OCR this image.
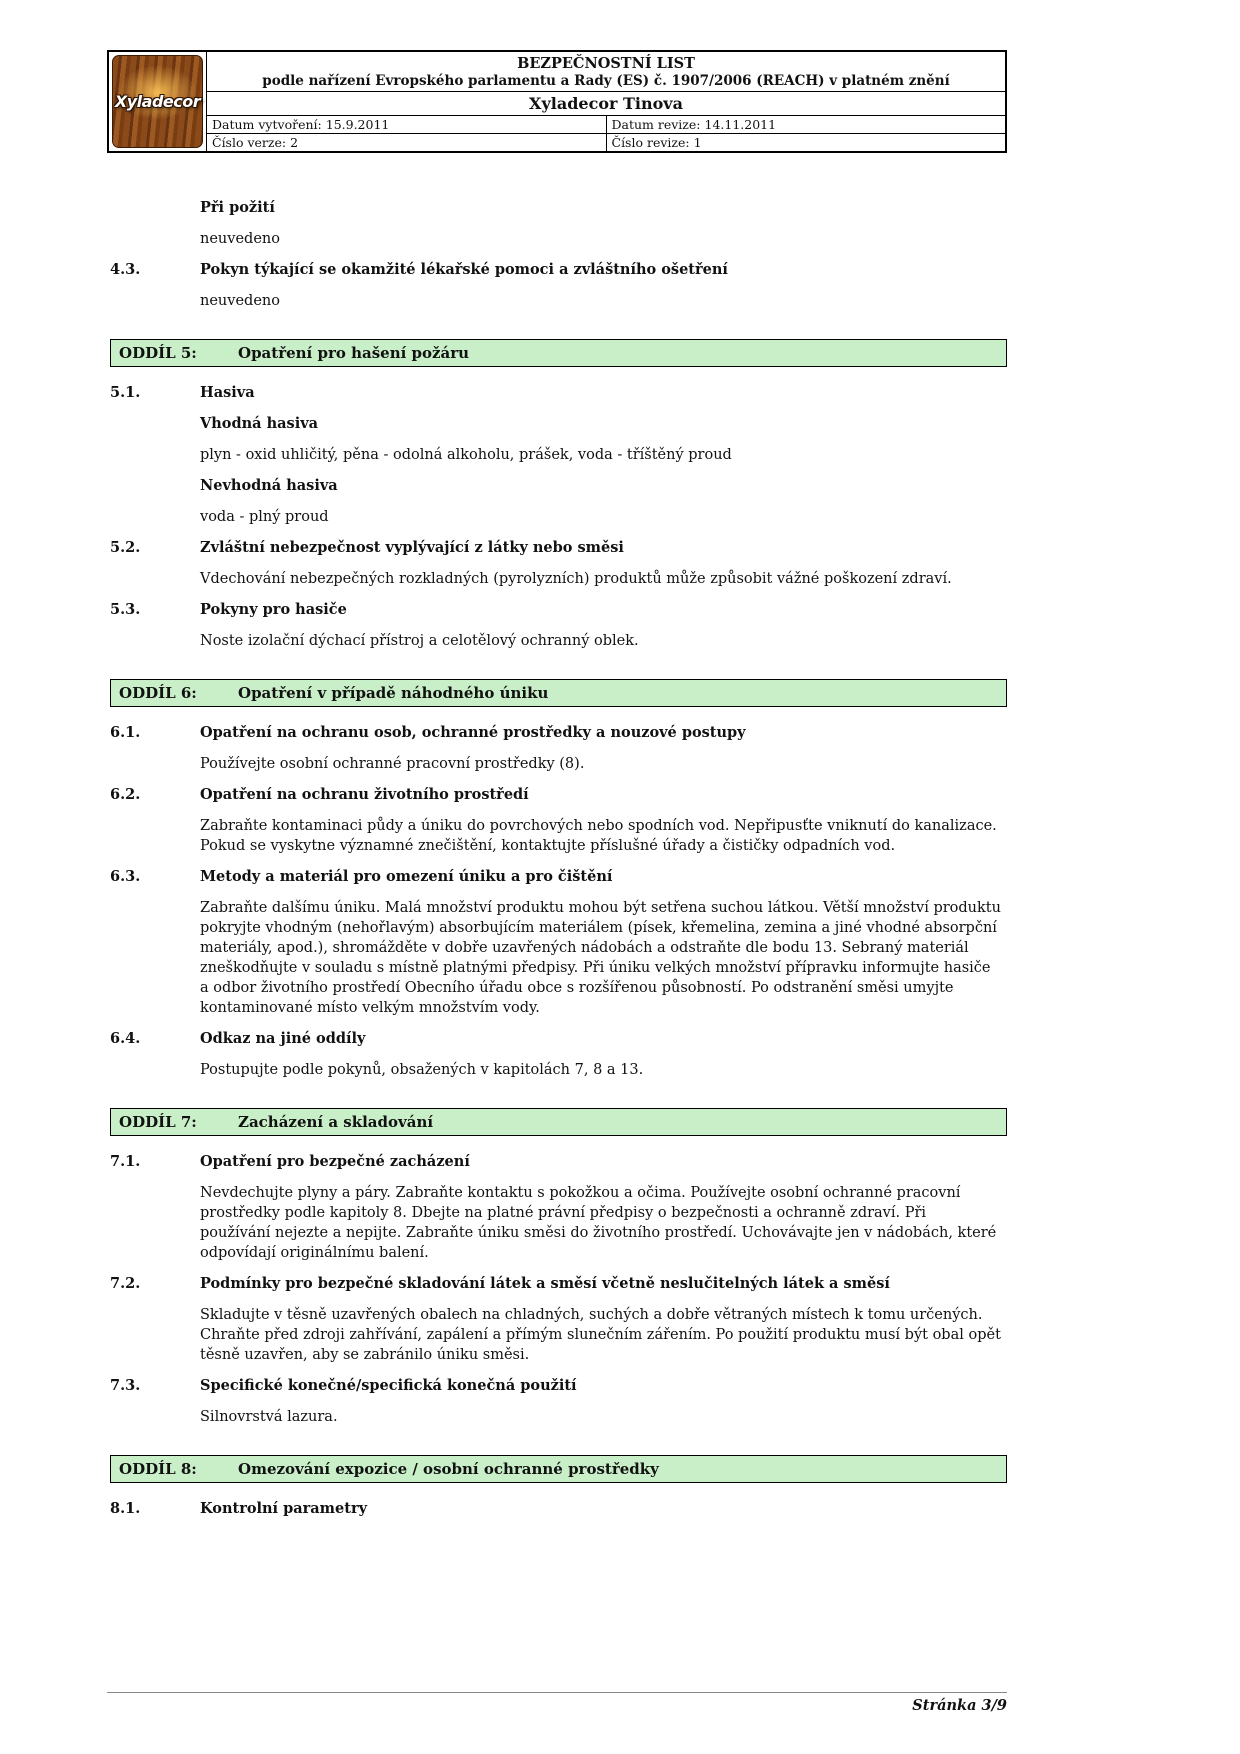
Xyladecor
BEZPEČNOSTNÍ LIST
podle nařízení Evropského parlamentu a Rady (ES) č. 1907/2006 (REACH) v platném znění
Xyladecor Tinova
Datum vytvoření: 15.9.2011	Datum revize: 14.11.2011
Číslo verze: 2	Číslo revize: 1
Při požití
neuvedeno
4.3.	Pokyn týkající se okamžité lékařské pomoci a zvláštního ošetření
neuvedeno
ODDÍL 5:	Opatření pro hašení požáru
5.1.	Hasiva
Vhodná hasiva
plyn - oxid uhličitý, pěna - odolná alkoholu, prášek, voda - tříštěný proud
Nevhodná hasiva
voda - plný proud
5.2.	Zvláštní nebezpečnost vyplývající z látky nebo směsi
Vdechování nebezpečných rozkladných (pyrolyzních) produktů může způsobit vážné poškození zdraví.
5.3.	Pokyny pro hasiče
Noste izolační dýchací přístroj a celotělový ochranný oblek.
ODDÍL 6:	Opatření v případě náhodného úniku
6.1.	Opatření na ochranu osob, ochranné prostředky a nouzové postupy
Používejte osobní ochranné pracovní prostředky (8).
6.2.	Opatření na ochranu životního prostředí
Zabraňte kontaminaci půdy a úniku do povrchových nebo spodních vod. Nepřipusťte vniknutí do kanalizace. Pokud se vyskytne významné znečištění, kontaktujte příslušné úřady a čističky odpadních vod.
6.3.	Metody a materiál pro omezení úniku a pro čištění
Zabraňte dalšímu úniku. Malá množství produktu mohou být setřena suchou látkou. Větší množství produktu pokryjte vhodným (nehořlavým) absorbujícím materiálem (písek, křemelina, zemina a jiné vhodné absorpční materiály, apod.), shromážděte v dobře uzavřených nádobách a odstraňte dle bodu 13. Sebraný materiál zneškodňujte v souladu s místně platnými předpisy. Při úniku velkých množství přípravku informujte hasiče a odbor životního prostředí Obecního úřadu obce s rozšířenou působností. Po odstranění směsi umyjte kontaminované místo velkým množstvím vody.
6.4.	Odkaz na jiné oddíly
Postupujte podle pokynů, obsažených v kapitolách 7, 8 a 13.
ODDÍL 7:	Zacházení a skladování
7.1.	Opatření pro bezpečné zacházení
Nevdechujte plyny a páry. Zabraňte kontaktu s pokožkou a očima. Používejte osobní ochranné pracovní prostředky podle kapitoly 8. Dbejte na platné právní předpisy o bezpečnosti a ochranně zdraví. Při používání nejezte a nepijte. Zabraňte úniku směsi do životního prostředí. Uchovávajte jen v nádobách, které odpovídají originálnímu balení.
7.2.	Podmínky pro bezpečné skladování látek a směsí včetně neslučitelných látek a směsí
Skladujte v těsně uzavřených obalech na chladných, suchých a dobře větraných místech k tomu určených. Chraňte před zdroji zahřívání, zapálení a přímým slunečním zářením. Po použití produktu musí být obal opět těsně uzavřen, aby se zabránilo úniku směsi.
7.3.	Specifické konečné/specifická konečná použití
Silnovrstvá lazura.
ODDÍL 8:	Omezování expozice / osobní ochranné prostředky
8.1.	Kontrolní parametry
Stránka 3/9
